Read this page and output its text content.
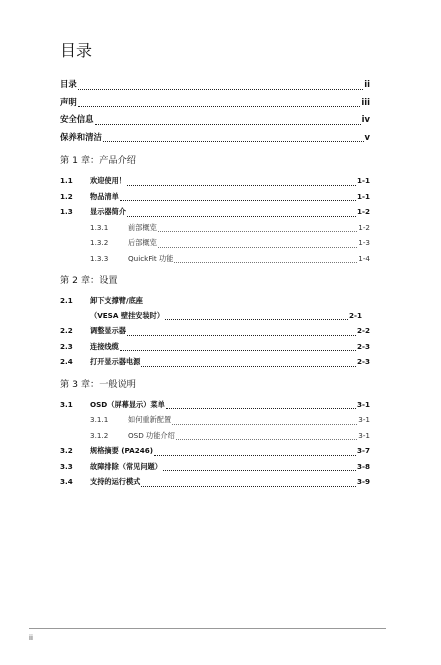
目录
目录	ii
声明	iii
安全信息	iv
保养和清洁	v
第 1 章：产品介绍
1.1	欢迎使用！	1-1
1.2	物品清单	1-1
1.3	显示器简介	1-2
1.3.1	前部概览	1-2
1.3.2	后部概览	1-3
1.3.3	QuickFit 功能	1-4
第 2 章：设置
2.1	卸下支撑臂/底座
（VESA 壁挂安装时）	2-1
2.2	调整显示器	2-2
2.3	连接线缆	2-3
2.4	打开显示器电源	2-3
第 3 章：一般说明
3.1	OSD（屏幕显示）菜单	3-1
3.1.1	如何重新配置	3-1
3.1.2	OSD 功能介绍	3-1
3.2	规格摘要 (PA246)	3-7
3.3	故障排除（常见问题）	3-8
3.4	支持的运行模式	3-9
ii
